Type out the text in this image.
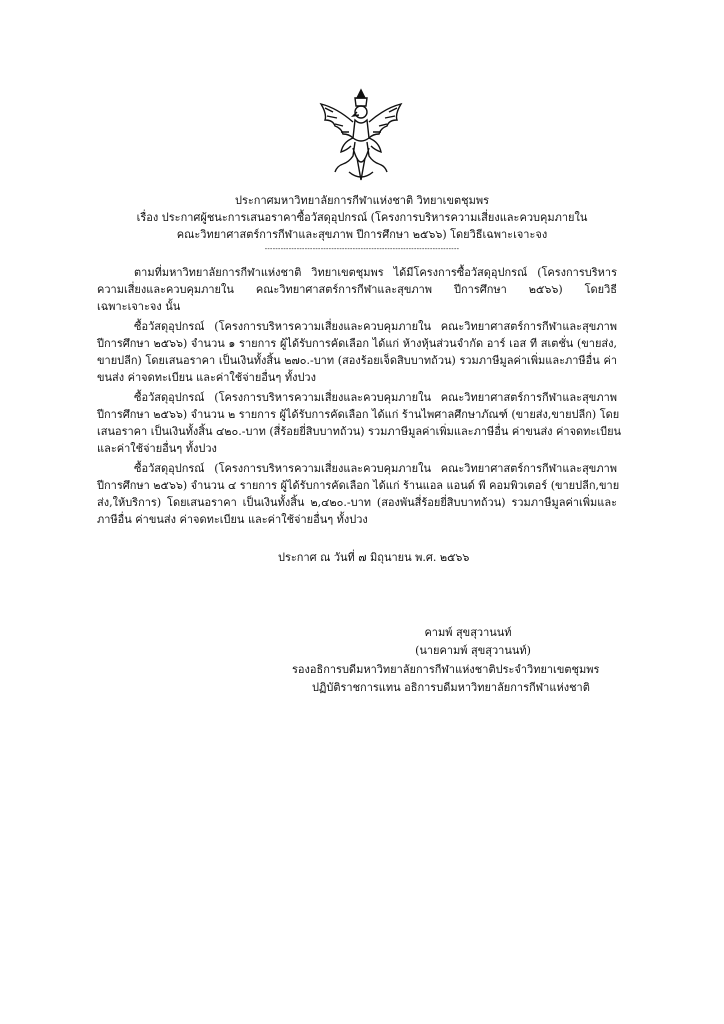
ประกาศมหาวิทยาลัยการกีฬาแห่งชาติ วิทยาเขตชุมพร
เรื่อง ประกาศผู้ชนะการเสนอราคาซื้อวัสดุอุปกรณ์ (โครงการบริหารความเสี่ยงและควบคุมภายใน
คณะวิทยาศาสตร์การกีฬาและสุขภาพ ปีการศึกษา ๒๕๖๖) โดยวิธีเฉพาะเจาะจง
-------------------------------------------------------------------------
ตามที่มหาวิทยาลัยการกีฬาแห่งชาติ วิทยาเขตชุมพร ได้มีโครงการซื้อวัสดุอุปกรณ์ (โครงการบริหาร
ความเสี่ยงและควบคุมภายใน คณะวิทยาศาสตร์การกีฬาและสุขภาพ ปีการศึกษา ๒๕๖๖) โดยวิธี
เฉพาะเจาะจง นั้น
ซื้อวัสดุอุปกรณ์ (โครงการบริหารความเสี่ยงและควบคุมภายใน คณะวิทยาศาสตร์การกีฬาและสุขภาพ
ปีการศึกษา ๒๕๖๖) จำนวน ๑ รายการ ผู้ได้รับการคัดเลือก ได้แก่ ห้างหุ้นส่วนจำกัด อาร์ เอส ที สเตชั่น (ขายส่ง,
ขายปลีก) โดยเสนอราคา เป็นเงินทั้งสิ้น ๒๗๐.-บาท (สองร้อยเจ็ดสิบบาทถ้วน) รวมภาษีมูลค่าเพิ่มและภาษีอื่น ค่า
ขนส่ง ค่าจดทะเบียน และค่าใช้จ่ายอื่นๆ ทั้งปวง
ซื้อวัสดุอุปกรณ์ (โครงการบริหารความเสี่ยงและควบคุมภายใน คณะวิทยาศาสตร์การกีฬาและสุขภาพ
ปีการศึกษา ๒๕๖๖) จำนวน ๒ รายการ ผู้ได้รับการคัดเลือก ได้แก่ ร้านไพศาลศึกษาภัณฑ์ (ขายส่ง,ขายปลีก) โดย
เสนอราคา เป็นเงินทั้งสิ้น ๔๒๐.-บาท (สี่ร้อยยี่สิบบาทถ้วน) รวมภาษีมูลค่าเพิ่มและภาษีอื่น ค่าขนส่ง ค่าจดทะเบียน
และค่าใช้จ่ายอื่นๆ ทั้งปวง
ซื้อวัสดุอุปกรณ์ (โครงการบริหารความเสี่ยงและควบคุมภายใน คณะวิทยาศาสตร์การกีฬาและสุขภาพ
ปีการศึกษา ๒๕๖๖) จำนวน ๔ รายการ ผู้ได้รับการคัดเลือก ได้แก่ ร้านแอล แอนด์ พี คอมพิวเตอร์ (ขายปลีก,ขาย
ส่ง,ให้บริการ) โดยเสนอราคา เป็นเงินทั้งสิ้น ๒,๔๒๐.-บาท (สองพันสี่ร้อยยี่สิบบาทถ้วน) รวมภาษีมูลค่าเพิ่มและ
ภาษีอื่น ค่าขนส่ง ค่าจดทะเบียน และค่าใช้จ่ายอื่นๆ ทั้งปวง
ประกาศ ณ วันที่ ๗ มิถุนายน พ.ศ. ๒๕๖๖
คามพ์ สุขสุวานนท์
(นายคามพ์ สุขสุวานนท์)
รองอธิการบดีมหาวิทยาลัยการกีฬาแห่งชาติประจำวิทยาเขตชุมพร
ปฏิบัติราชการแทน อธิการบดีมหาวิทยาลัยการกีฬาแห่งชาติ
